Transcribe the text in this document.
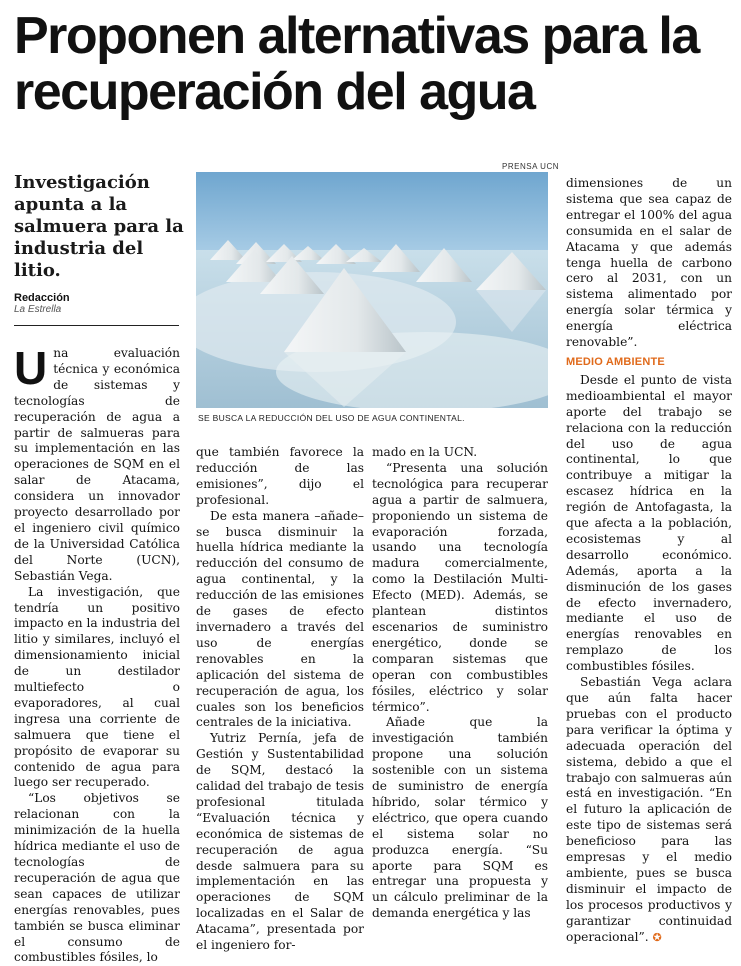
Proponen alternativas para la recuperación del agua
Investigación apunta a la salmuera para la industria del litio.
Redacción
La Estrella
PRENSA UCN
SE BUSCA LA REDUCCIÓN DEL USO DE AGUA CONTINENTAL.

Una evaluación técnica y económica de sistemas y tecnologías de recuperación de agua a partir de salmueras para su implementación en las operaciones de SQM en el salar de Atacama, considera un innovador proyecto desarrollado por el ingeniero civil químico de la Universidad Católica del Norte (UCN), Sebastián Vega.

La investigación, que tendría un positivo impacto en la industria del litio y similares, incluyó el dimensionamiento inicial de un destilador multiefecto o evaporadores, al cual ingresa una corriente de salmuera que tiene el propósito de evaporar su contenido de agua para luego ser recuperado.

“Los objetivos se relacionan con la minimización de la huella hídrica mediante el uso de tecnologías de recuperación de agua que sean capaces de utilizar energías renovables, pues también se busca eliminar el consumo de combustibles fósiles, lo

que también favorece la reducción de las emisiones”, dijo el profesional.

De esta manera –añade– se busca disminuir la huella hídrica mediante la reducción del consumo de agua continental, y la reducción de las emisiones de gases de efecto invernadero a través del uso de energías renovables en la aplicación del sistema de recuperación de agua, los cuales son los beneficios centrales de la iniciativa.

Yutriz Pernía, jefa de Gestión y Sustentabilidad de SQM, destacó la calidad del trabajo de tesis profesional titulada “Evaluación técnica y económica de sistemas de recuperación de agua desde salmuera para su implementación en las operaciones de SQM localizadas en el Salar de Atacama”, presentada por el ingeniero for-

mado en la UCN.

“Presenta una solución tecnológica para recuperar agua a partir de salmuera, proponiendo un sistema de evaporación forzada, usando una tecnología madura comercialmente, como la Destilación Multi-Efecto (MED). Además, se plantean distintos escenarios de suministro energético, donde se comparan sistemas que operan con combustibles fósiles, eléctrico y solar térmico”.

Añade que la investigación también propone una solución sostenible con un sistema de suministro de energía híbrido, solar térmico y eléctrico, que opera cuando el sistema solar no produzca energía. “Su aporte para SQM es entregar una propuesta y un cálculo preliminar de la demanda energética y las

dimensiones de un sistema que sea capaz de entregar el 100% del agua consumida en el salar de Atacama y que además tenga huella de carbono cero al 2031, con un sistema alimentado por energía solar térmica y energía eléctrica renovable”.

MEDIO AMBIENTE

Desde el punto de vista medioambiental el mayor aporte del trabajo se relaciona con la reducción del uso de agua continental, lo que contribuye a mitigar la escasez hídrica en la región de Antofagasta, la que afecta a la población, ecosistemas y al desarrollo económico. Además, aporta a la disminución de los gases de efecto invernadero, mediante el uso de energías renovables en remplazo de los combustibles fósiles.

Sebastián Vega aclara que aún falta hacer pruebas con el producto para verificar la óptima y adecuada operación del sistema, debido a que el trabajo con salmueras aún está en investigación. “En el futuro la aplicación de este tipo de sistemas será beneficioso para las empresas y el medio ambiente, pues se busca disminuir el impacto de los procesos productivos y garantizar continuidad operacional”. ✪
